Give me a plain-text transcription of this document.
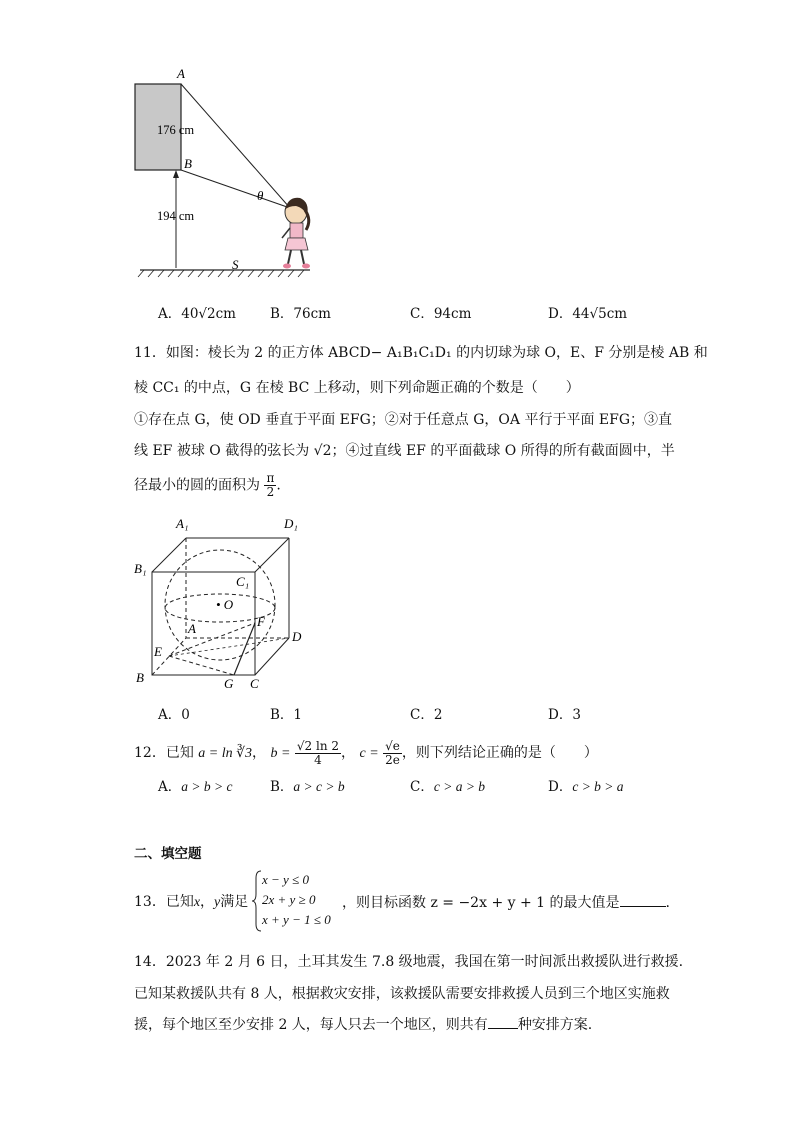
A
B
S
θ
176 cm
194 cm
A．40√2cm	B．76cm	C．94cm	D．44√5cm
11．如图：棱长为 2 的正方体 ABCD− A₁B₁C₁D₁ 的内切球为球 O，E、F 分别是棱 AB 和
棱 CC₁ 的中点，G 在棱 BC 上移动，则下列命题正确的个数是（　　）
①存在点 G，使 OD 垂直于平面 EFG；②对于任意点 G，OA 平行于平面 EFG；③直
线 EF 被球 O 截得的弦长为 √2；④过直线 EF 的平面截球 O 所得的所有截面圆中，半
径最小的圆的面积为 $\frac{\pi}{2}$ .
A₁	D₁
B₁
C₁
• O
A	F
D
E
B	G C
A．0	B．1	C．2	D．3
12．已知 a = ln ∛3， $b = \frac{√2 \ln 2}{4}$ ， $c = \frac{√e}{2e}$ ，则下列结论正确的是（　　）
A．a > b > c	B．a > c > b	C．c > a > b	D．c > b > a
二、填空题
13．已知x，y满足
x − y ≤ 0
2x + y ≥ 0
x + y − 1 ≤ 0
，则目标函数 z = −2x + y + 1 的最大值是	.
14．2023 年 2 月 6 日，土耳其发生 7.8 级地震，我国在第一时间派出救援队进行救援.
已知某救援队共有 8 人，根据救灾安排，该救援队需要安排救援人员到三个地区实施救
援，每个地区至少安排 2 人，每人只去一个地区，则共有 种安排方案.
